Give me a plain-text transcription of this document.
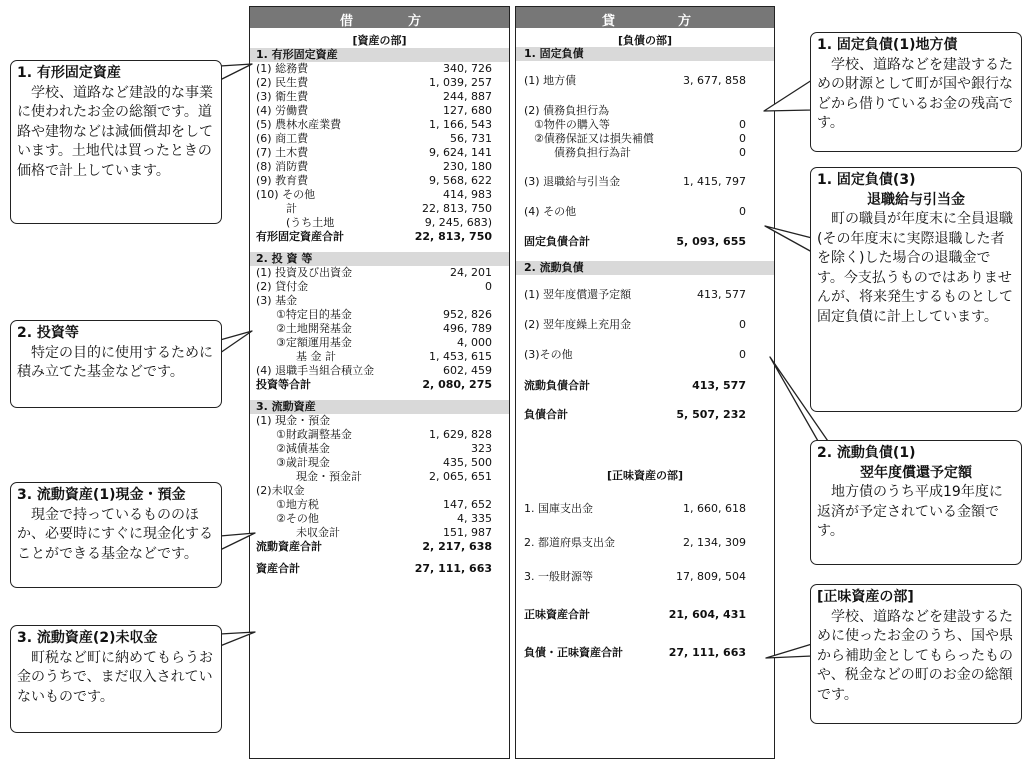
借	方
[資産の部]
1. 有形固定資産
(1) 総務費	340, 726
(2) 民生費	1, 039, 257
(3) 衛生費	244, 887
(4) 労働費	127, 680
(5) 農林水産業費	1, 166, 543
(6) 商工費	56, 731
(7) 土木費	9, 624, 141
(8) 消防費	230, 180
(9) 教育費	9, 568, 622
(10) その他	414, 983
計	22, 813, 750
(うち土地	9, 245, 683)
有形固定資産合計	22, 813, 750
2. 投 資 等
(1) 投資及び出資金	24, 201
(2) 貸付金	0
(3) 基金
①特定目的基金	952, 826
②土地開発基金	496, 789
③定額運用基金	4, 000
基 金 計	1, 453, 615
(4) 退職手当組合積立金	602, 459
投資等合計	2, 080, 275
3. 流動資産
(1) 現金・預金
①財政調整基金	1, 629, 828
②減債基金	323
③歳計現金	435, 500
現金・預金計	2, 065, 651
(2)未収金
①地方税	147, 652
②その他	4, 335
未収金計	151, 987
流動資産合計	2, 217, 638
資産合計	27, 111, 663
貸	方
[負債の部]
1. 固定負債
(1) 地方債	3, 677, 858
(2) 債務負担行為
①物件の購入等	0
②債務保証又は損失補償	0
債務負担行為計	0
(3) 退職給与引当金	1, 415, 797
(4) その他	0
固定負債合計	5, 093, 655
2. 流動負債
(1) 翌年度償還予定額	413, 577
(2) 翌年度繰上充用金	0
(3)その他	0
流動負債合計	413, 577
負債合計	5, 507, 232
[正味資産の部]
1. 国庫支出金	1, 660, 618
2. 都道府県支出金	2, 134, 309
3. 一般財源等	17, 809, 504
正味資産合計	21, 604, 431
負債・正味資産合計	27, 111, 663
1. 有形固定資産
学校、道路など建設的な事業に使われたお金の総額です。道路や建物などは減価償却をしています。土地代は買ったときの価格で計上しています。
2. 投資等
特定の目的に使用するために積み立てた基金などです。
3. 流動資産(1)現金・預金
現金で持っているもののほか、必要時にすぐに現金化することができる基金などです。
3. 流動資産(2)未収金
町税など町に納めてもらうお金のうちで、まだ収入されていないものです。
1. 固定負債(1)地方債
学校、道路などを建設するための財源として町が国や銀行などから借りているお金の残高です。
1. 固定負債(3)
退職給与引当金
町の職員が年度末に全員退職(その年度末に実際退職した者を除く)した場合の退職金です。今支払うものではありませんが、将来発生するものとして固定負債に計上しています。
2. 流動負債(1)
翌年度償還予定額
地方債のうち平成19年度に返済が予定されている金額です。
[正味資産の部]
学校、道路などを建設するために使ったお金のうち、国や県から補助金としてもらったものや、税金などの町のお金の総額です。
